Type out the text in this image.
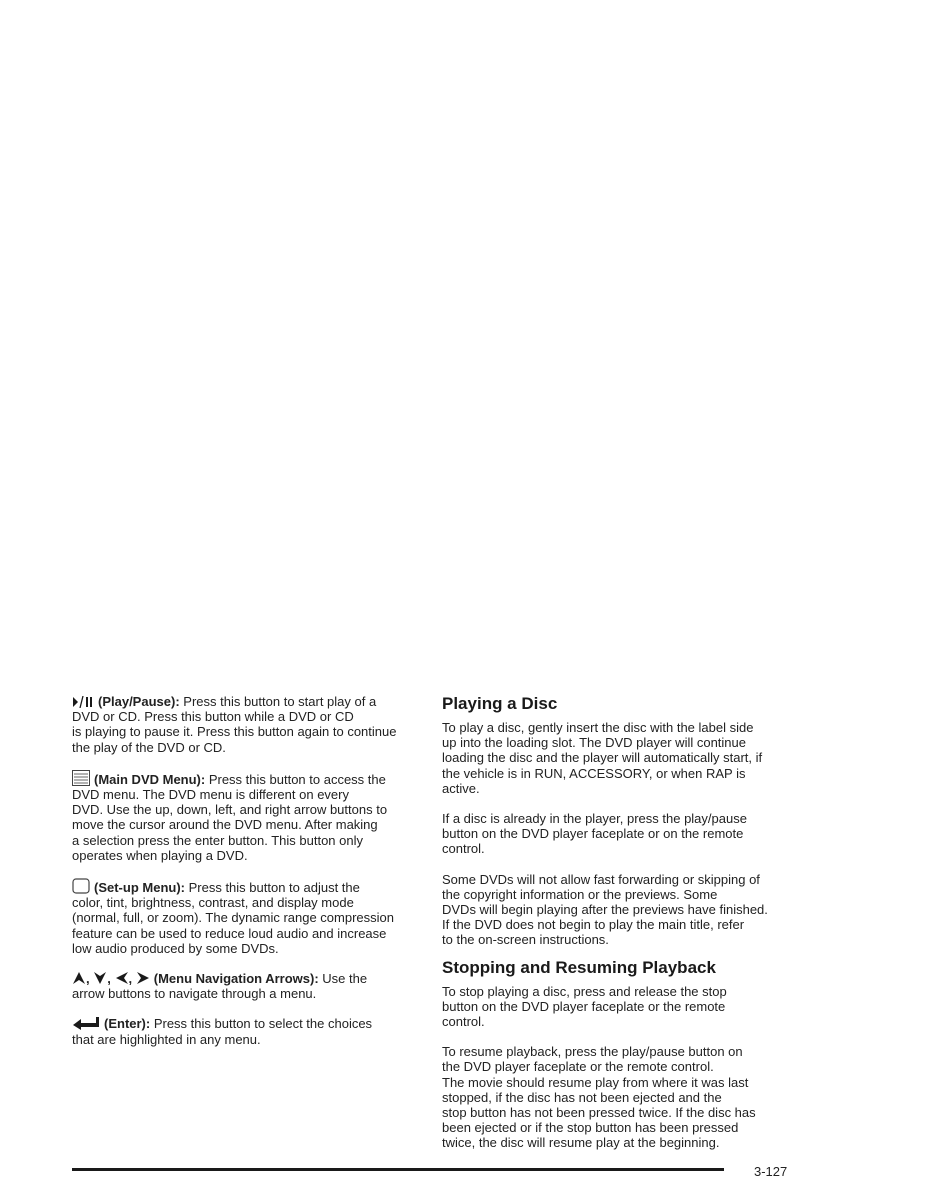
(Play/Pause): Press this button to start play of a
DVD or CD. Press this button while a DVD or CD
is playing to pause it. Press this button again to continue
the play of the DVD or CD.

(Main DVD Menu): Press this button to access the
DVD menu. The DVD menu is different on every
DVD. Use the up, down, left, and right arrow buttons to
move the cursor around the DVD menu. After making
a selection press the enter button. This button only
operates when playing a DVD.

(Set-up Menu): Press this button to adjust the
color, tint, brightness, contrast, and display mode
(normal, full, or zoom). The dynamic range compression
feature can be used to reduce loud audio and increase
low audio produced by some DVDs.

, , , (Menu Navigation Arrows): Use the
arrow buttons to navigate through a menu.

(Enter): Press this button to select the choices
that are highlighted in any menu.

Playing a Disc

To play a disc, gently insert the disc with the label side
up into the loading slot. The DVD player will continue
loading the disc and the player will automatically start, if
the vehicle is in RUN, ACCESSORY, or when RAP is
active.

If a disc is already in the player, press the play/pause
button on the DVD player faceplate or on the remote
control.

Some DVDs will not allow fast forwarding or skipping of
the copyright information or the previews. Some
DVDs will begin playing after the previews have finished.
If the DVD does not begin to play the main title, refer
to the on-screen instructions.

Stopping and Resuming Playback

To stop playing a disc, press and release the stop
button on the DVD player faceplate or the remote
control.

To resume playback, press the play/pause button on
the DVD player faceplate or the remote control.
The movie should resume play from where it was last
stopped, if the disc has not been ejected and the
stop button has not been pressed twice. If the disc has
been ejected or if the stop button has been pressed
twice, the disc will resume play at the beginning.

3-127
